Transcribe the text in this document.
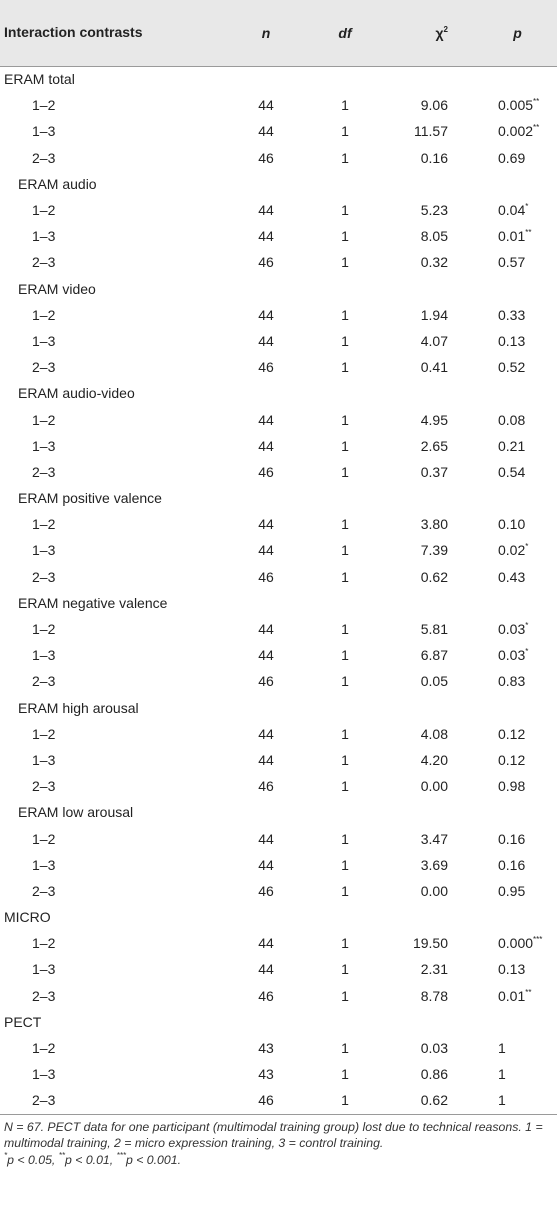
Interaction contrasts	n	df	$\chi^2$	p
ERAM total				
1–2	44	1	9.06	0.005**
1–3	44	1	11.57	0.002**
2–3	46	1	0.16	0.69
ERAM audio				
1–2	44	1	5.23	0.04*
1–3	44	1	8.05	0.01**
2–3	46	1	0.32	0.57
ERAM video				
1–2	44	1	1.94	0.33
1–3	44	1	4.07	0.13
2–3	46	1	0.41	0.52
ERAM audio-video				
1–2	44	1	4.95	0.08
1–3	44	1	2.65	0.21
2–3	46	1	0.37	0.54
ERAM positive valence				
1–2	44	1	3.80	0.10
1–3	44	1	7.39	0.02*
2–3	46	1	0.62	0.43
ERAM negative valence				
1–2	44	1	5.81	0.03*
1–3	44	1	6.87	0.03*
2–3	46	1	0.05	0.83
ERAM high arousal				
1–2	44	1	4.08	0.12
1–3	44	1	4.20	0.12
2–3	46	1	0.00	0.98
ERAM low arousal				
1–2	44	1	3.47	0.16
1–3	44	1	3.69	0.16
2–3	46	1	0.00	0.95
MICRO				
1–2	44	1	19.50	0.000***
1–3	44	1	2.31	0.13
2–3	46	1	8.78	0.01**
PECT				
1–2	43	1	0.03	1
1–3	43	1	0.86	1
2–3	46	1	0.62	1
N = 67. PECT data for one participant (multimodal training group) lost due to technical reasons. 1 = multimodal training, 2 = micro expression training, 3 = control training.
*p < 0.05, **p < 0.01, ***p < 0.001.
